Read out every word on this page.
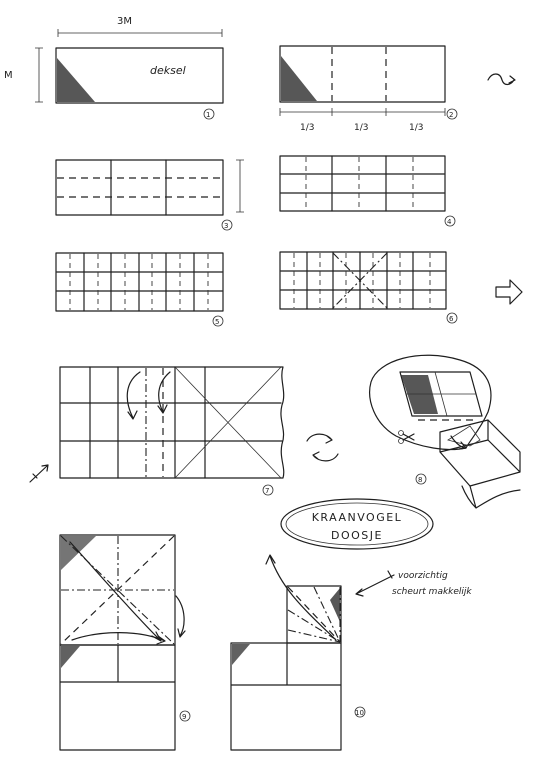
3M
M	deksel
1
1/3	1/3	1/3
2
3	4
5	6
7
8
KRAANVOGEL
DOOSJE
9
voorzichtig
scheurt makkelijk
10
